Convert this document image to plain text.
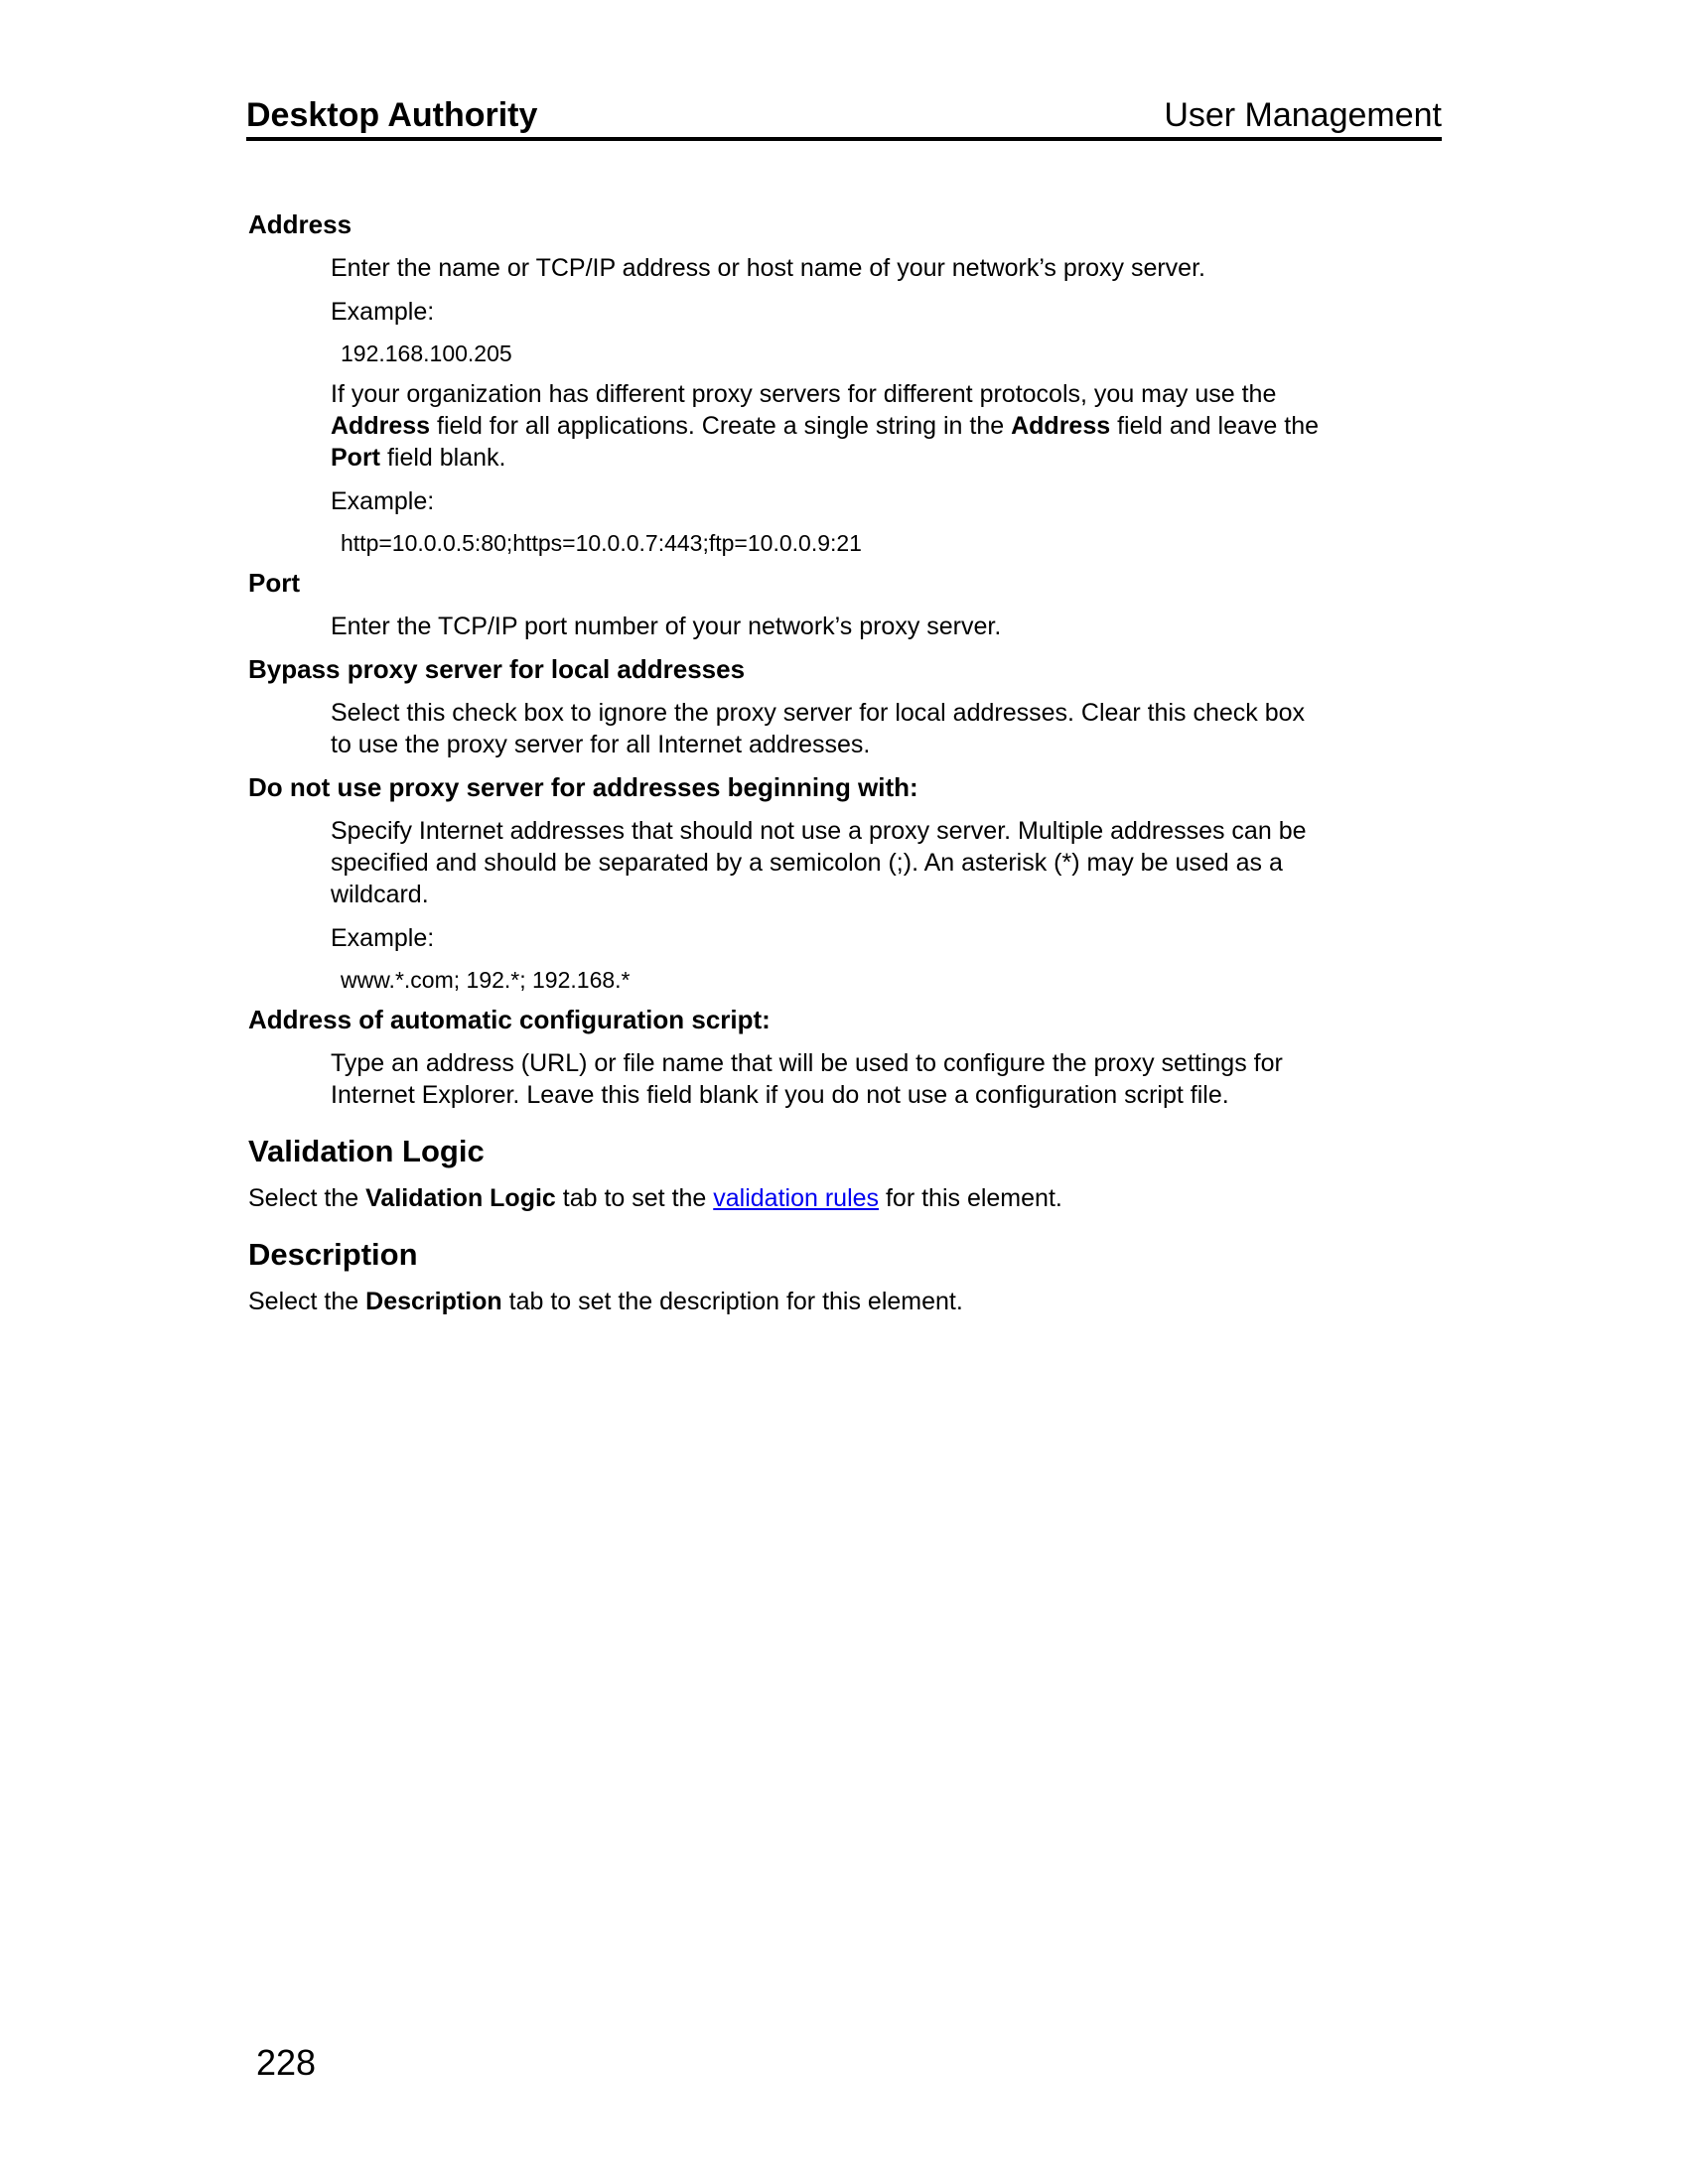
Desktop Authority	User Management
Address
Enter the name or TCP/IP address or host name of your network’s proxy server.
Example:
192.168.100.205
If your organization has different proxy servers for different protocols, you may use the
Address field for all applications. Create a single string in the Address field and leave the
Port field blank.
Example:
http=10.0.0.5:80;https=10.0.0.7:443;ftp=10.0.0.9:21
Port
Enter the TCP/IP port number of your network’s proxy server.
Bypass proxy server for local addresses
Select this check box to ignore the proxy server for local addresses. Clear this check box
to use the proxy server for all Internet addresses.
Do not use proxy server for addresses beginning with:
Specify Internet addresses that should not use a proxy server. Multiple addresses can be
specified and should be separated by a semicolon (;). An asterisk (*) may be used as a
wildcard.
Example:
www.*.com; 192.*; 192.168.*
Address of automatic configuration script:
Type an address (URL) or file name that will be used to configure the proxy settings for
Internet Explorer. Leave this field blank if you do not use a configuration script file.
Validation Logic
Select the Validation Logic tab to set the validation rules for this element.
Description
Select the Description tab to set the description for this element.
228
